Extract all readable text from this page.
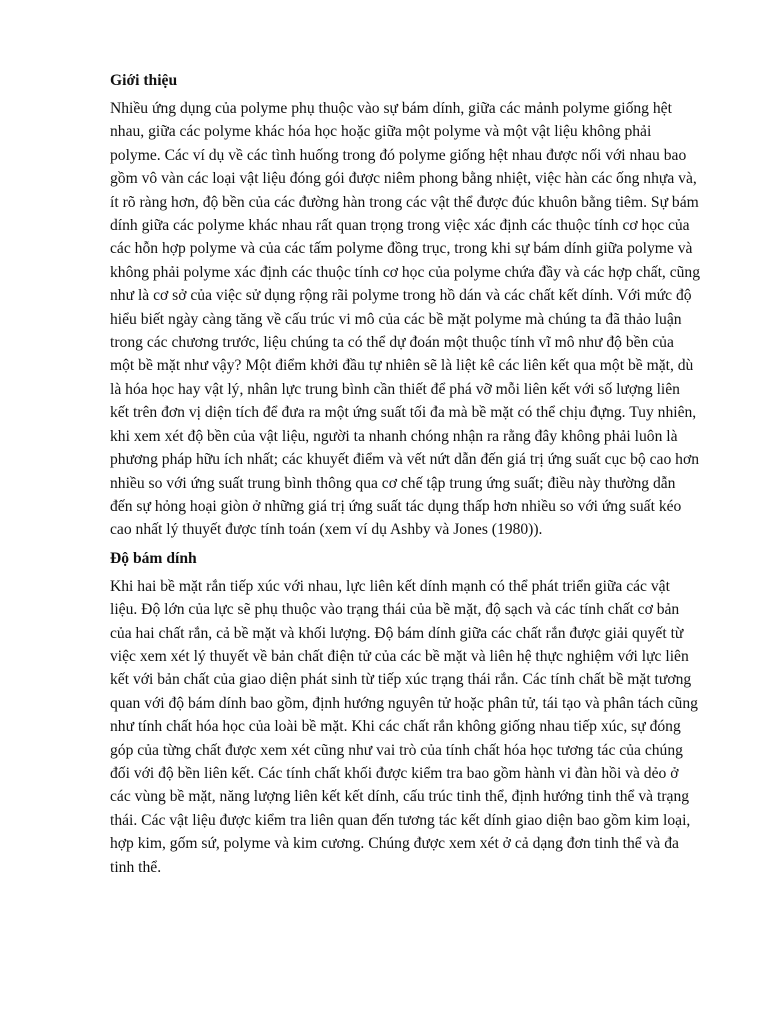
Giới thiệu

Nhiều ứng dụng của polyme phụ thuộc vào sự bám dính, giữa các mảnh polyme giống hệt nhau, giữa các polyme khác hóa học hoặc giữa một polyme và một vật liệu không phải polyme. Các ví dụ về các tình huống trong đó polyme giống hệt nhau được nối với nhau bao gồm vô vàn các loại vật liệu đóng gói được niêm phong bằng nhiệt, việc hàn các ống nhựa và, ít rõ ràng hơn, độ bền của các đường hàn trong các vật thể được đúc khuôn bằng tiêm. Sự bám dính giữa các polyme khác nhau rất quan trọng trong việc xác định các thuộc tính cơ học của các hỗn hợp polyme và của các tấm polyme đồng trục, trong khi sự bám dính giữa polyme và không phải polyme xác định các thuộc tính cơ học của polyme chứa đầy và các hợp chất, cũng như là cơ sở của việc sử dụng rộng rãi polyme trong hồ dán và các chất kết dính. Với mức độ hiểu biết ngày càng tăng về cấu trúc vi mô của các bề mặt polyme mà chúng ta đã thảo luận trong các chương trước, liệu chúng ta có thể dự đoán một thuộc tính vĩ mô như độ bền của một bề mặt như vậy? Một điểm khởi đầu tự nhiên sẽ là liệt kê các liên kết qua một bề mặt, dù là hóa học hay vật lý, nhân lực trung bình cần thiết để phá vỡ mỗi liên kết với số lượng liên kết trên đơn vị diện tích để đưa ra một ứng suất tối đa mà bề mặt có thể chịu đựng. Tuy nhiên, khi xem xét độ bền của vật liệu, người ta nhanh chóng nhận ra rằng đây không phải luôn là phương pháp hữu ích nhất; các khuyết điểm và vết nứt dẫn đến giá trị ứng suất cục bộ cao hơn nhiều so với ứng suất trung bình thông qua cơ chế tập trung ứng suất; điều này thường dẫn đến sự hỏng hoại giòn ở những giá trị ứng suất tác dụng thấp hơn nhiều so với ứng suất kéo cao nhất lý thuyết được tính toán (xem ví dụ Ashby và Jones (1980)).

Độ bám dính

Khi hai bề mặt rắn tiếp xúc với nhau, lực liên kết dính mạnh có thể phát triển giữa các vật liệu. Độ lớn của lực sẽ phụ thuộc vào trạng thái của bề mặt, độ sạch và các tính chất cơ bản của hai chất rắn, cả bề mặt và khối lượng. Độ bám dính giữa các chất rắn được giải quyết từ việc xem xét lý thuyết về bản chất điện tử của các bề mặt và liên hệ thực nghiệm với lực liên kết với bản chất của giao diện phát sinh từ tiếp xúc trạng thái rắn. Các tính chất bề mặt tương quan với độ bám dính bao gồm, định hướng nguyên tử hoặc phân tử, tái tạo và phân tách cũng như tính chất hóa học của loài bề mặt. Khi các chất rắn không giống nhau tiếp xúc, sự đóng góp của từng chất được xem xét cũng như vai trò của tính chất hóa học tương tác của chúng đối với độ bền liên kết. Các tính chất khối được kiểm tra bao gồm hành vi đàn hồi và dẻo ở các vùng bề mặt, năng lượng liên kết kết dính, cấu trúc tinh thể, định hướng tinh thể và trạng thái. Các vật liệu được kiểm tra liên quan đến tương tác kết dính giao diện bao gồm kim loại, hợp kim, gốm sứ, polyme và kim cương. Chúng được xem xét ở cả dạng đơn tinh thể và đa tinh thể.
